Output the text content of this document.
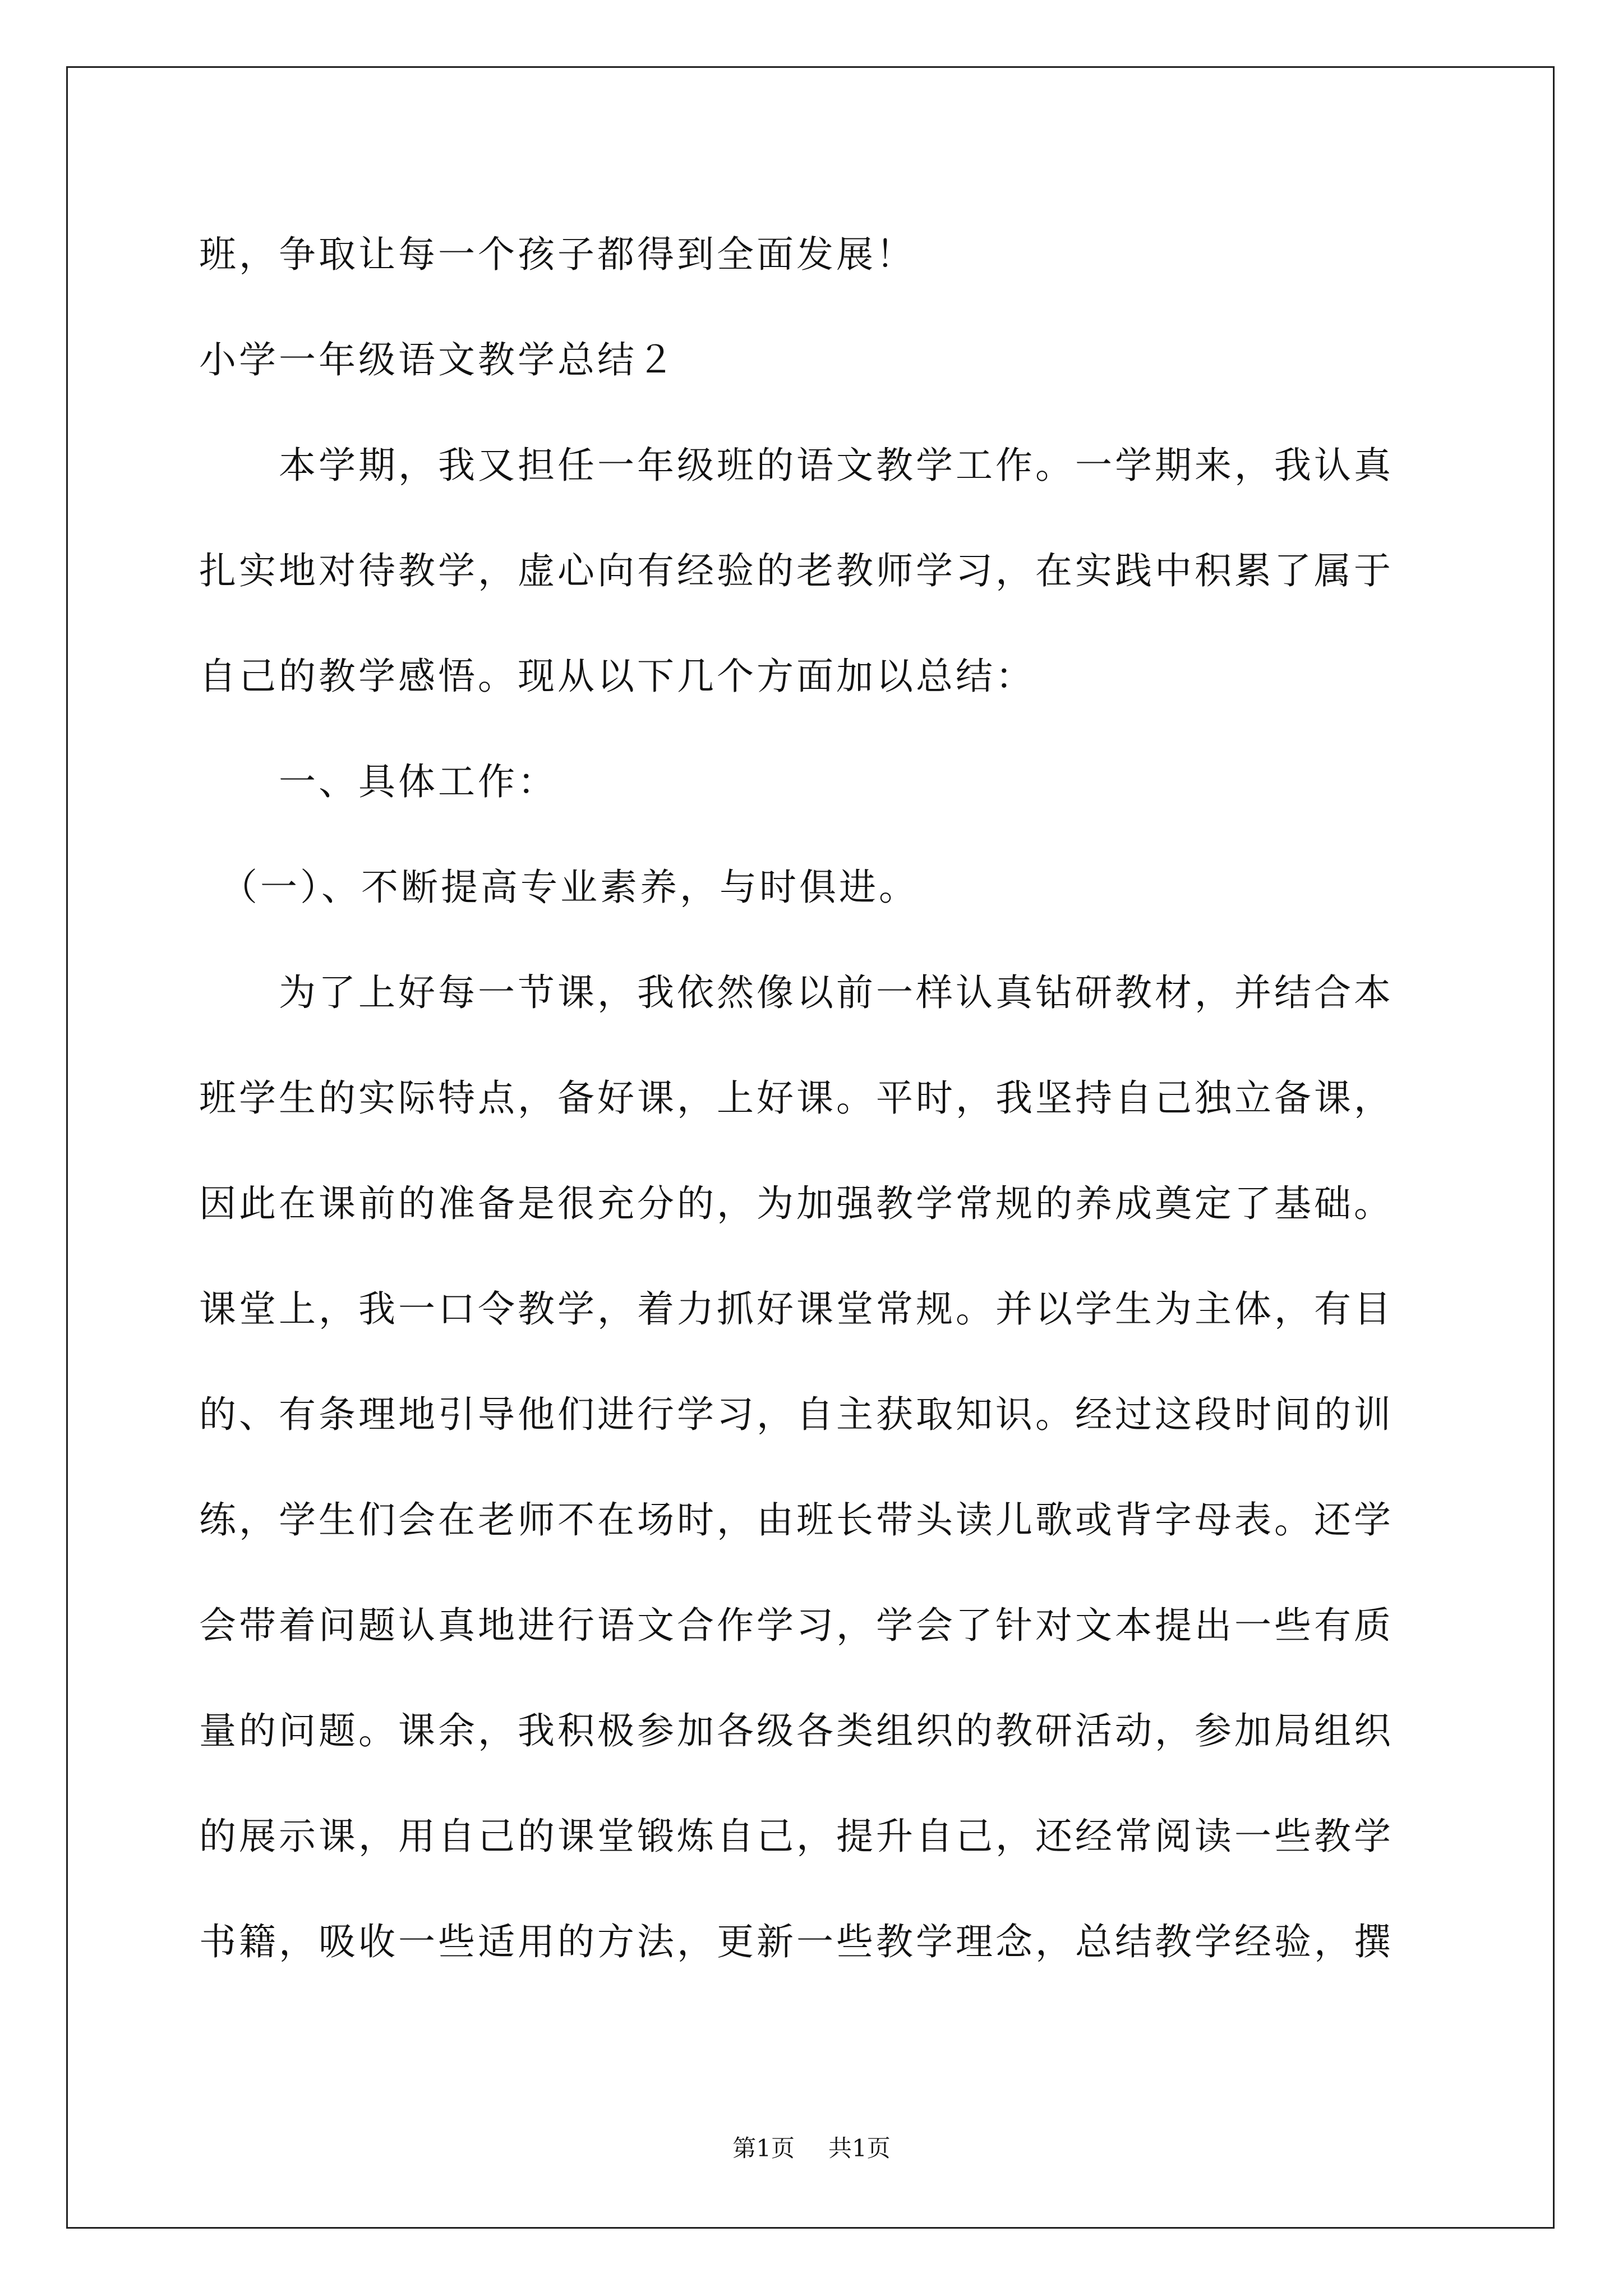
班，争取让每一个孩子都得到全面发展！
小学一年级语文教学总结２
　　本学期，我又担任一年级班的语文教学工作。一学期来，我认真
扎实地对待教学，虚心向有经验的老教师学习，在实践中积累了属于
自己的教学感悟。现从以下几个方面加以总结：
　　一、具体工作：
　（一）、不断提高专业素养，与时俱进。
　　为了上好每一节课，我依然像以前一样认真钻研教材，并结合本
班学生的实际特点，备好课，上好课。平时，我坚持自己独立备课，
因此在课前的准备是很充分的，为加强教学常规的养成奠定了基础。
课堂上，我一口令教学，着力抓好课堂常规。并以学生为主体，有目
的、有条理地引导他们进行学习，自主获取知识。经过这段时间的训
练，学生们会在老师不在场时，由班长带头读儿歌或背字母表。还学
会带着问题认真地进行语文合作学习，学会了针对文本提出一些有质
量的问题。课余，我积极参加各级各类组织的教研活动，参加局组织
的展示课，用自己的课堂锻炼自己，提升自己，还经常阅读一些教学
书籍，吸收一些适用的方法，更新一些教学理念，总结教学经验，撰
第1页 共1页
